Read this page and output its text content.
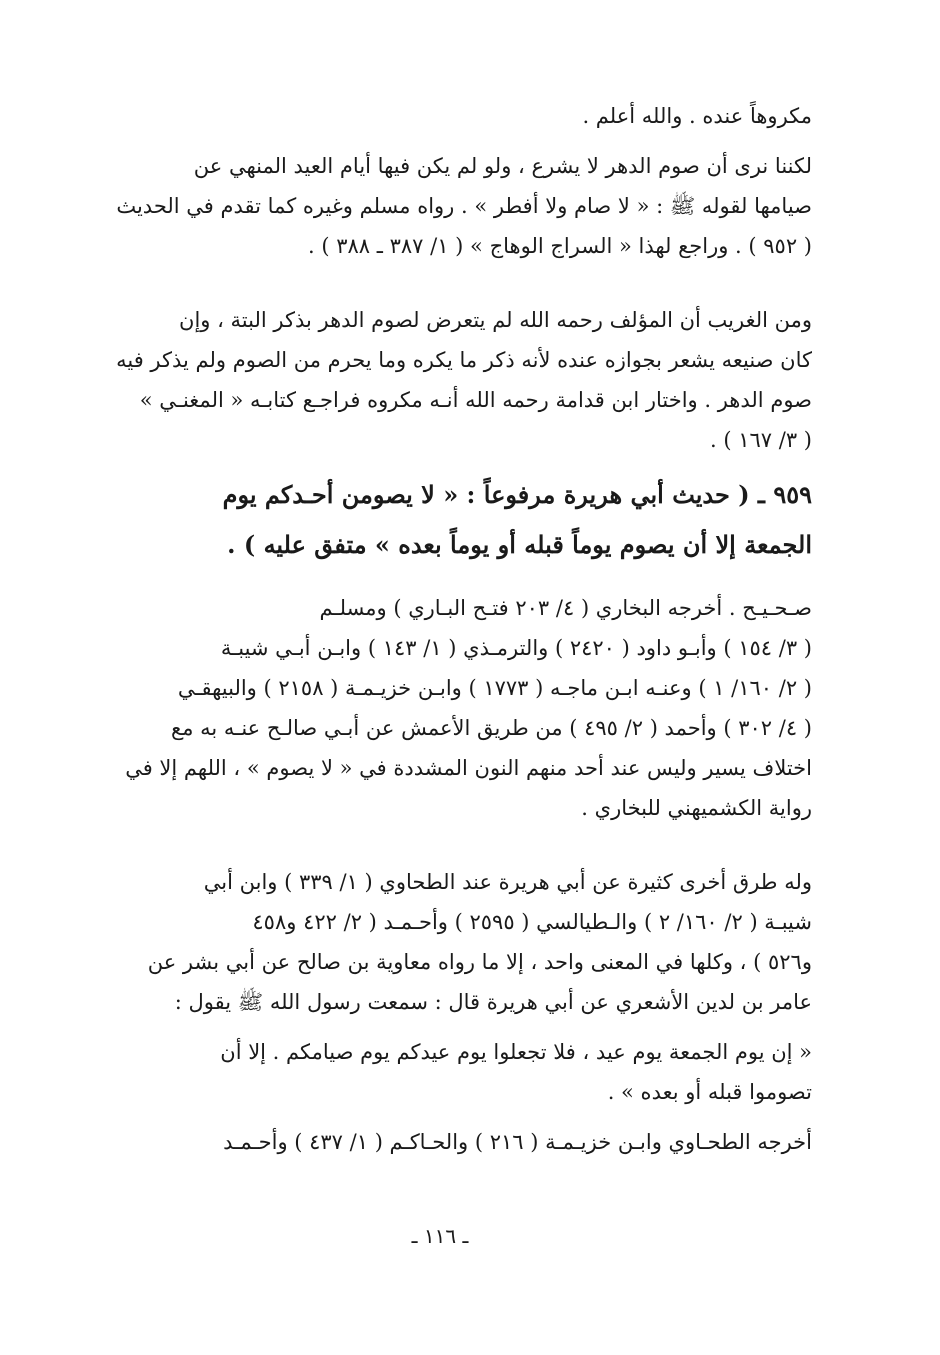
مكروهاً عنده . والله أعلم .

لكننا نرى أن صوم الدهر لا يشرع ، ولو لم يكن فيها أيام العيد المنهي عن
صيامها لقوله ﷺ : « لا صام ولا أفطر » . رواه مسلم وغيره كما تقدم في الحديث
( ٩٥٢ ) . وراجع لهذا « السراج الوهاج » ( ١/ ٣٨٧ ـ ٣٨٨ ) .

ومن الغريب أن المؤلف رحمه الله لم يتعرض لصوم الدهر بذكر البتة ، وإن
كان صنيعه يشعر بجوازه عنده لأنه ذكر ما يكره وما يحرم من الصوم ولم يذكر فيه
صوم الدهر . واختار ابن قدامة رحمه الله أنـه مكروه فراجـع كتابـه « المغنـي »
( ٣/ ١٦٧ ) .

٩٥٩ ـ ( حديث أبي هريرة مرفوعاً : « لا يصومن أحـدكم يوم
الجمعة إلا أن يصوم يوماً قبله أو يوماً بعده » متفق عليه ) .

صـحـيـح . أخرجه البخاري ( ٤/ ٢٠٣ فتـح البـاري ) ومسلـم
( ٣/ ١٥٤ ) وأبـو داود ( ٢٤٢٠ ) والترمـذي ( ١/ ١٤٣ ) وابـن أبـي شيبـة
( ٢/ ١٦٠/ ١ ) وعنـه ابـن ماجـه ( ١٧٧٣ ) وابـن خزيـمـة ( ٢١٥٨ ) والبيهقـي
( ٤/ ٣٠٢ ) وأحمد ( ٢/ ٤٩٥ ) من طريق الأعمش عن أبـي صالـح عنـه به مع
اختلاف يسير وليس عند أحد منهم النون المشددة في « لا يصوم » ، اللهم إلا في
رواية الكشميهني للبخاري .

وله طرق أخرى كثيرة عن أبي هريرة عند الطحاوي ( ١/ ٣٣٩ ) وابن أبي
شيبـة ( ٢/ ١٦٠/ ٢ ) والـطيالسي ( ٢٥٩٥ ) وأحـمـد ( ٢/ ٤٢٢ و٤٥٨
و٥٢٦ ) ، وكلها في المعنى واحد ، إلا ما رواه معاوية بن صالح عن أبي بشر عن
عامر بن لدين الأشعري عن أبي هريرة قال : سمعت رسول الله ﷺ يقول :

« إن يوم الجمعة يوم عيد ، فلا تجعلوا يوم عيدكم يوم صيامكم . إلا أن
تصوموا قبله أو بعده » .

أخرجه الطحـاوي وابـن خزيـمـة ( ٢١٦ ) والحـاكـم ( ١/ ٤٣٧ ) وأحـمـد

ـ ١١٦ ـ
